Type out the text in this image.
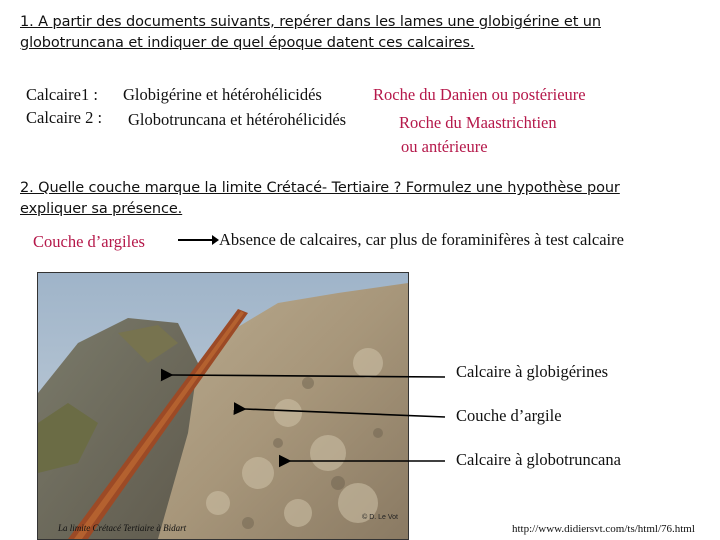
1. A partir des documents suivants, repérer dans les lames une globigérine et un
globotruncana et indiquer de quel époque datent ces calcaires.
Calcaire1 : Globigérine et hétérohélicidés	Roche du Danien ou postérieure
Calcaire 2 : Globotruncana et hétérohélicidés	Roche du Maastrichtien
ou antérieure
2. Quelle couche marque la limite Crétacé- Tertiaire ? Formulez une hypothèse pour
expliquer sa présence.
Couche d’argiles	Absence de calcaires, car plus de foraminifères à test calcaire
© D. Le Vot
La limite Crétacé Tertiaire à Bidart
Calcaire à globigérines
Couche d’argile
Calcaire à globotruncana
http://www.didiersvt.com/ts/html/76.html
